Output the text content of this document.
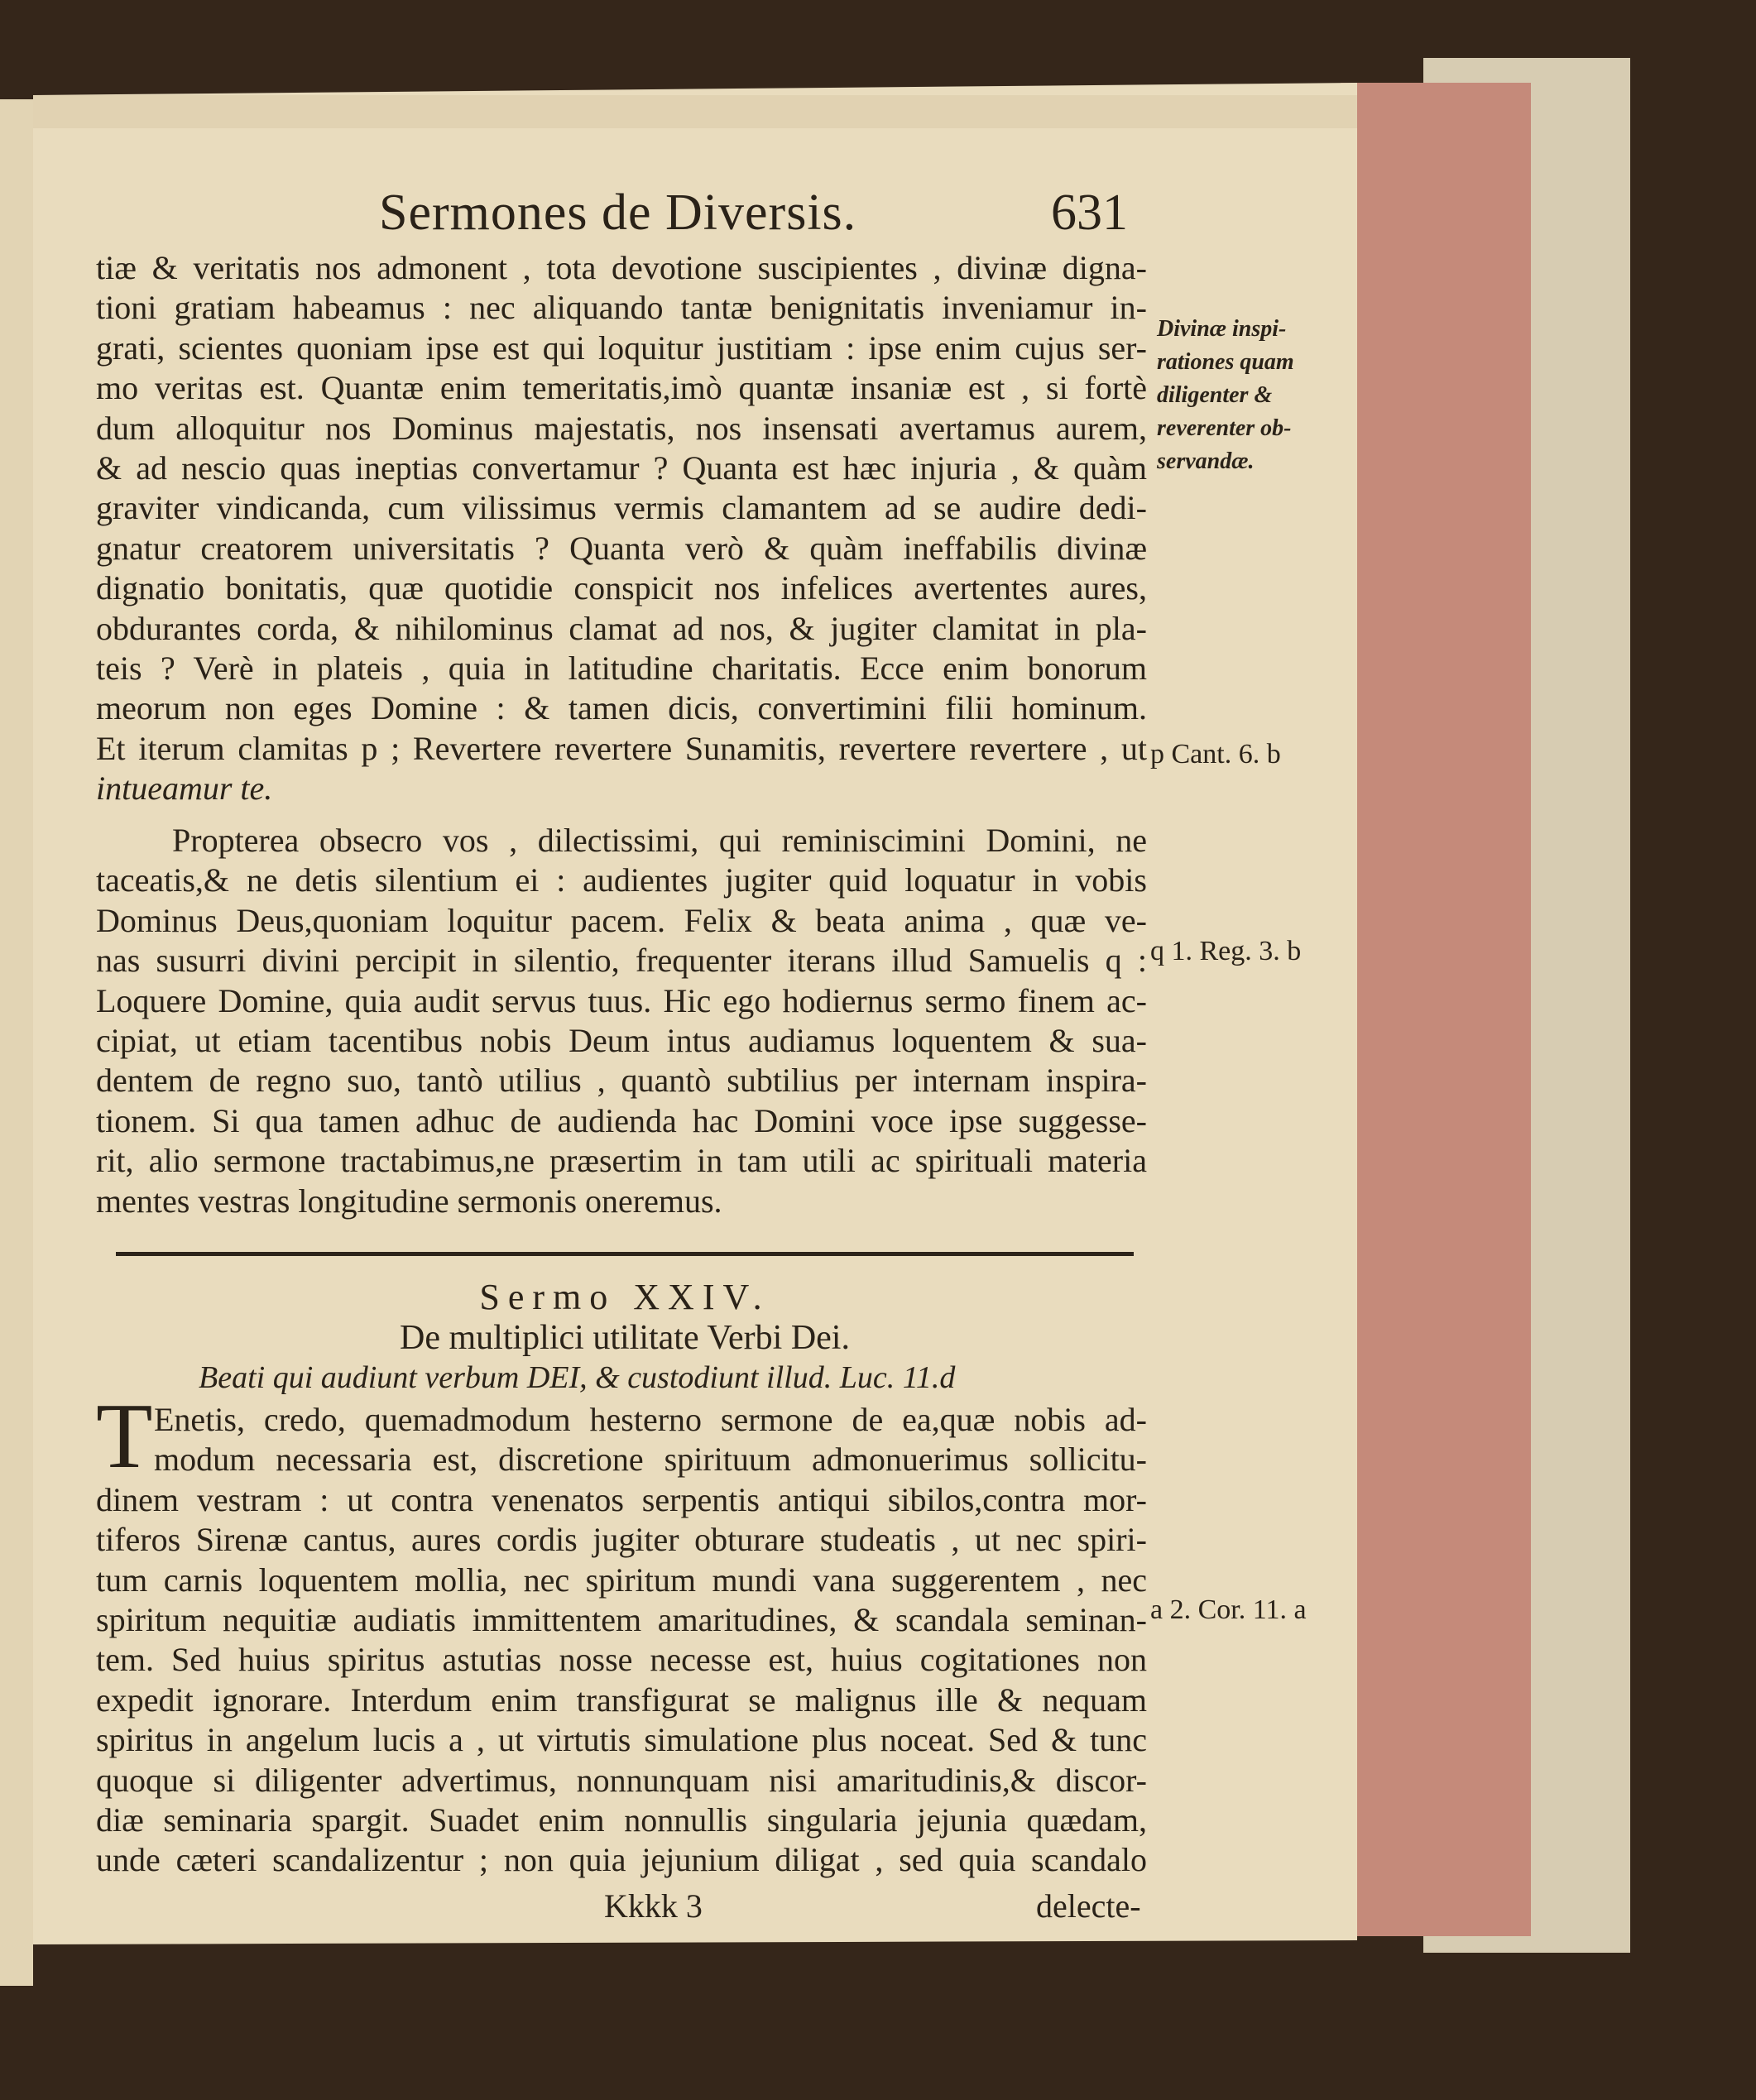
Sermones de Diversis.	631
tiæ & veritatis nos admonent , tota devotione suscipientes , divinæ digna-
tioni gratiam habeamus : nec aliquando tantæ benignitatis inveniamur in-
grati, scientes quoniam ipse est qui loquitur justitiam : ipse enim cujus ser-
mo veritas est. Quantæ enim temeritatis,imò quantæ insaniæ est , si fortè
dum alloquitur nos Dominus majestatis, nos insensati avertamus aurem,
& ad nescio quas ineptias convertamur ? Quanta est hæc injuria , & quàm
graviter vindicanda, cum vilissimus vermis clamantem ad se audire dedi-
gnatur creatorem universitatis ? Quanta verò & quàm ineffabilis divinæ
dignatio bonitatis, quæ quotidie conspicit nos infelices avertentes aures,
obdurantes corda, & nihilominus clamat ad nos, & jugiter clamitat in pla-
teis ? Verè in plateis , quia in latitudine charitatis. Ecce enim bonorum
meorum non eges Domine : & tamen dicis, convertimini filii hominum.
Et iterum clamitas p ; Revertere revertere Sunamitis, revertere revertere , ut
intueamur te.
Propterea obsecro vos , dilectissimi, qui reminiscimini Domini, ne
taceatis,& ne detis silentium ei : audientes jugiter quid loquatur in vobis
Dominus Deus,quoniam loquitur pacem. Felix & beata anima , quæ ve-
nas susurri divini percipit in silentio, frequenter iterans illud Samuelis q :
Loquere Domine, quia audit servus tuus. Hic ego hodiernus sermo finem ac-
cipiat, ut etiam tacentibus nobis Deum intus audiamus loquentem & sua-
dentem de regno suo, tantò utilius , quantò subtilius per internam inspira-
tionem. Si qua tamen adhuc de audienda hac Domini voce ipse suggesse-
rit, alio sermone tractabimus,ne præsertim in tam utili ac spirituali materia
mentes vestras longitudine sermonis oneremus.
Sermo XXIV.
De multiplici utilitate Verbi Dei.
Beati qui audiunt verbum DEI, & custodiunt illud. Luc. 11.d
T Enetis, credo, quemadmodum hesterno sermone de ea,quæ nobis ad-
modum necessaria est, discretione spirituum admonuerimus sollicitu-
dinem vestram : ut contra venenatos serpentis antiqui sibilos,contra mor-
tiferos Sirenæ cantus, aures cordis jugiter obturare studeatis , ut nec spiri-
tum carnis loquentem mollia, nec spiritum mundi vana suggerentem , nec
spiritum nequitiæ audiatis immittentem amaritudines, & scandala seminan-
tem. Sed huius spiritus astutias nosse necesse est, huius cogitationes non
expedit ignorare. Interdum enim transfigurat se malignus ille & nequam
spiritus in angelum lucis a , ut virtutis simulatione plus noceat. Sed & tunc
quoque si diligenter advertimus, nonnunquam nisi amaritudinis,& discor-
diæ seminaria spargit. Suadet enim nonnullis singularia jejunia quædam,
unde cæteri scandalizentur ; non quia jejunium diligat , sed quia scandalo
Divinæ inspi-
rationes quam
diligenter &
reverenter ob-
servandæ.
p Cant. 6. b
q 1. Reg. 3. b
a 2. Cor. 11. a
Kkkk 3	delecte-
